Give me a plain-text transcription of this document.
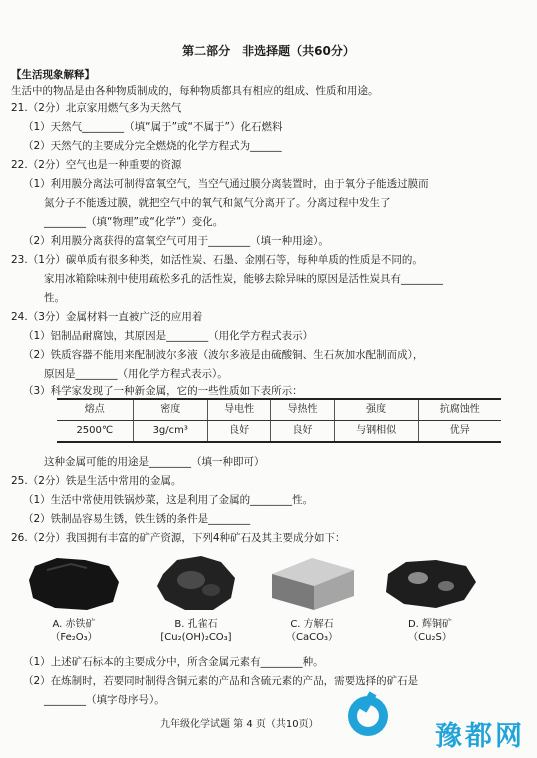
第二部分　非选择题（共60分）
【生活现象解释】
生活中的物品是由各种物质制成的，每种物质都具有相应的组成、性质和用途。
21.（2分）北京家用燃气多为天然气
（1）天然气________（填“属于”或“不属于”）化石燃料
（2）天然气的主要成分完全燃烧的化学方程式为______
22.（2分）空气也是一种重要的资源
（1）利用膜分离法可制得富氧空气，当空气通过膜分离装置时，由于氧分子能透过膜而
氮分子不能透过膜，就把空气中的氧气和氮气分离开了。分离过程中发生了
________（填“物理”或“化学”）变化。
（2）利用膜分离获得的富氧空气可用于________（填一种用途）。
23.（1分）碳单质有很多种类，如活性炭、石墨、金刚石等，每种单质的性质是不同的。
家用冰箱除味剂中使用疏松多孔的活性炭，能够去除异味的原因是活性炭具有________
性。
24.（3分）金属材料一直被广泛的应用着
（1）铝制品耐腐蚀，其原因是________（用化学方程式表示）
（2）铁质容器不能用来配制波尔多液（波尔多液是由硫酸铜、生石灰加水配制而成），
原因是________（用化学方程式表示）。
（3）科学家发现了一种新金属，它的一些性质如下表所示：
熔点	密度	导电性	导热性	强度	抗腐蚀性
2500℃	3g/cm³	良好	良好	与钢相似	优异
这种金属可能的用途是________（填一种即可）
25.（2分）铁是生活中常用的金属。
（1）生活中常使用铁锅炒菜，这是利用了金属的________性。
（2）铁制品容易生锈，铁生锈的条件是________
26.（2分）我国拥有丰富的矿产资源，下列4种矿石及其主要成分如下：
A. 赤铁矿
（Fe₂O₃）
B. 孔雀石
[Cu₂(OH)₂CO₃]
C. 方解石
（CaCO₃）
D. 辉铜矿
（Cu₂S）
（1）上述矿石标本的主要成分中，所含金属元素有________种。
（2）在炼制时，若要同时制得含铜元素的产品和含硫元素的产品，需要选择的矿石是
________（填字母序号）。
九年级化学试题 第 4 页（共10页）	豫都网
